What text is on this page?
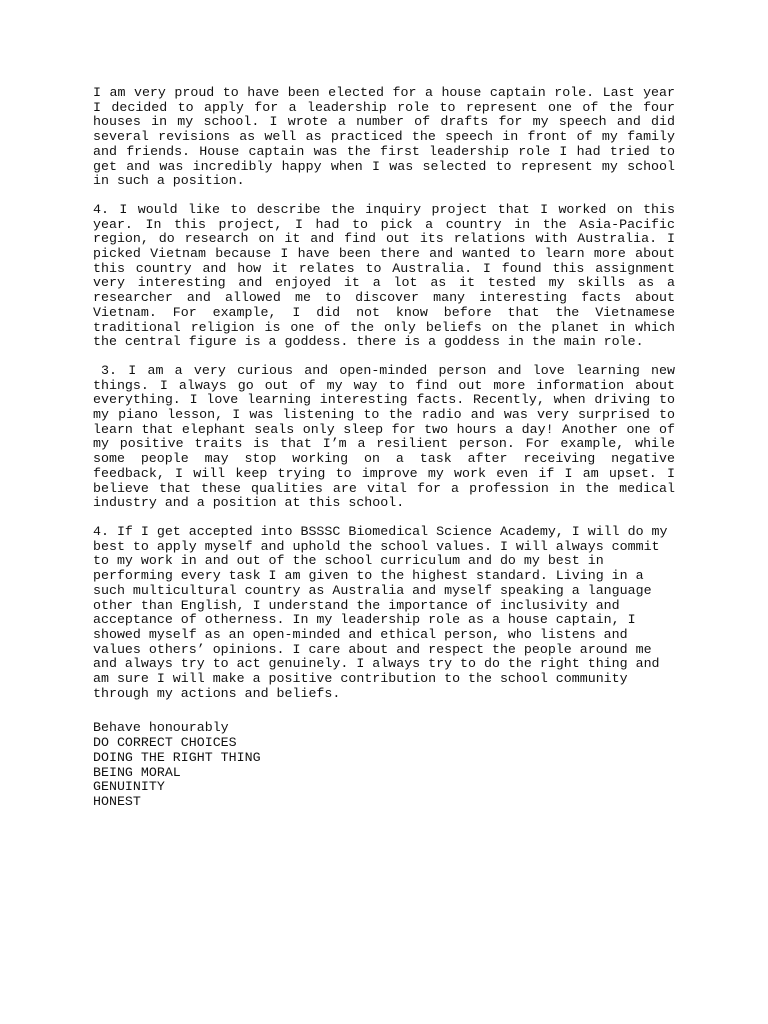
I am very proud to have been elected for a house captain role. Last year I decided to apply for a leadership role to represent one of the four houses in my school. I wrote a number of drafts for my speech and did several revisions as well as practiced the speech in front of my family and friends. House captain was the first leadership role I had tried to get and was incredibly happy when I was selected to represent my school in such a position.

4. I would like to describe the inquiry project that I worked on this year. In this project, I had to pick a country in the Asia-Pacific region, do research on it and find out its relations with Australia. I picked Vietnam because I have been there and wanted to learn more about this country and how it relates to Australia. I found this assignment very interesting and enjoyed it a lot as it tested my skills as a researcher and allowed me to discover many interesting facts about Vietnam. For example, I did not know before that the Vietnamese traditional religion is one of the only beliefs on the planet in which the central figure is a goddess. there is a goddess in the main role.

3. I am a very curious and open-minded person and love learning new things. I always go out of my way to find out more information about everything. I love learning interesting facts. Recently, when driving to my piano lesson, I was listening to the radio and was very surprised to learn that elephant seals only sleep for two hours a day! Another one of my positive traits is that I’m a resilient person. For example, while some people may stop working on a task after receiving negative feedback, I will keep trying to improve my work even if I am upset. I believe that these qualities are vital for a profession in the medical industry and a position at this school.

4. If I get accepted into BSSSC Biomedical Science Academy, I will do my best to apply myself and uphold the school values. I will always commit to my work in and out of the school curriculum and do my best in performing every task I am given to the highest standard. Living in a such multicultural country as Australia and myself speaking a language other than English, I understand the importance of inclusivity and acceptance of otherness. In my leadership role as a house captain, I showed myself as an open-minded and ethical person, who listens and values others’ opinions. I care about and respect the people around me and always try to act genuinely. I always try to do the right thing and am sure I will make a positive contribution to the school community through my actions and beliefs.

Behave honourably
DO CORRECT CHOICES
DOING THE RIGHT THING
BEING MORAL
GENUINITY
HONEST
